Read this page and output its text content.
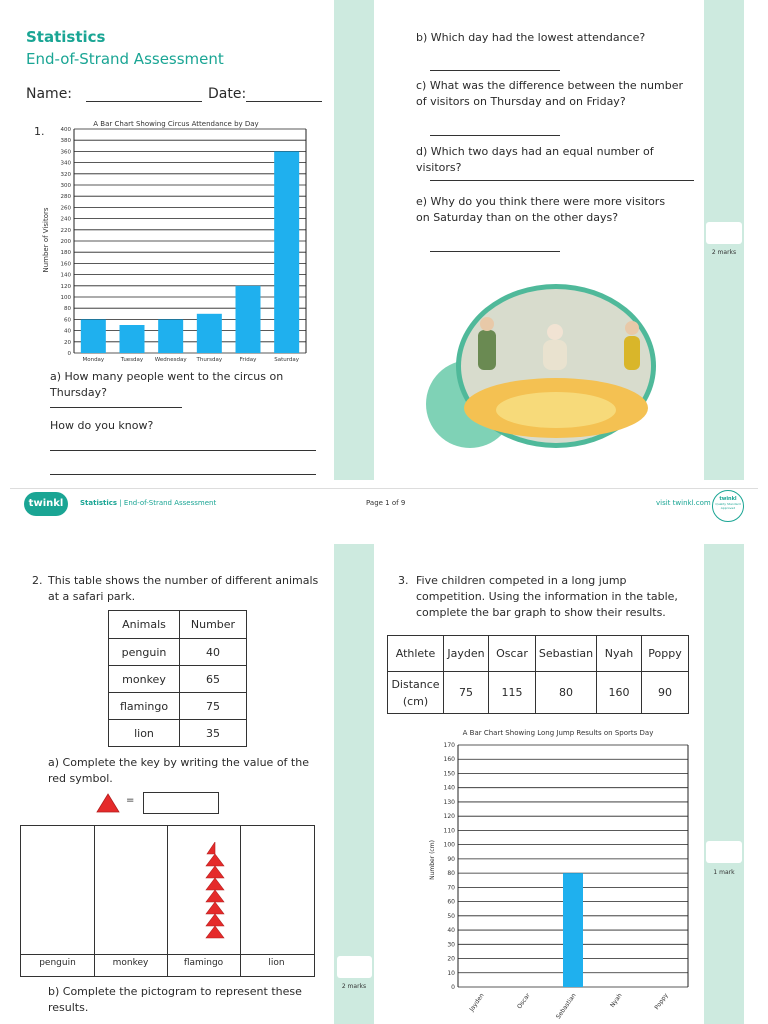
Statistics
End-of-Strand Assessment
Name:	Date:
1.
0
20
40
60
80
100
120
140
160
180
200
220
240
260
280
300
320
340
360
380
400
Monday	Tuesday Wednesday Thursday	Friday	Saturday
A Bar Chart Showing Circus Attendance by Day
Number of Visitors
a) How many people went to the circus on Thursday?
How do you know?
b) Which day had the lowest attendance?
c) What was the difference between the number of visitors on Thursday and on Friday?
d) Which two days had an equal number of visitors?
e) Why do you think there were more visitors on Saturday than on the other days?
2 marks
twinkl	Statistics | End-of-Strand Assessment	Page 1 of 9	visit twinkl.com	twinkl
Quality Standard Approved
2. This table shows the number of different animals at a safari park.
Animals	Number
penguin	40
monkey	65
flamingo	75
lion	35
a) Complete the key by writing the value of the red symbol.
=
penguin	monkey	flamingo	lion
b) Complete the pictogram to represent these results.
2 marks
3. Five children competed in a long jump competition. Using the information in the table, complete the bar graph to show their results.
Athlete	Jayden	Oscar	Sebastian	Nyah	Poppy
Distance
(cm)	75	115	80	160	90
0
10
20
30
40
50
60
70
80
90
100
110
120
130
140
150
160
170
Jayden	Oscar	Sebastian	Nyah	Poppy
A Bar Chart Showing Long Jump Results on Sports Day
Number (cm)	1 mark
